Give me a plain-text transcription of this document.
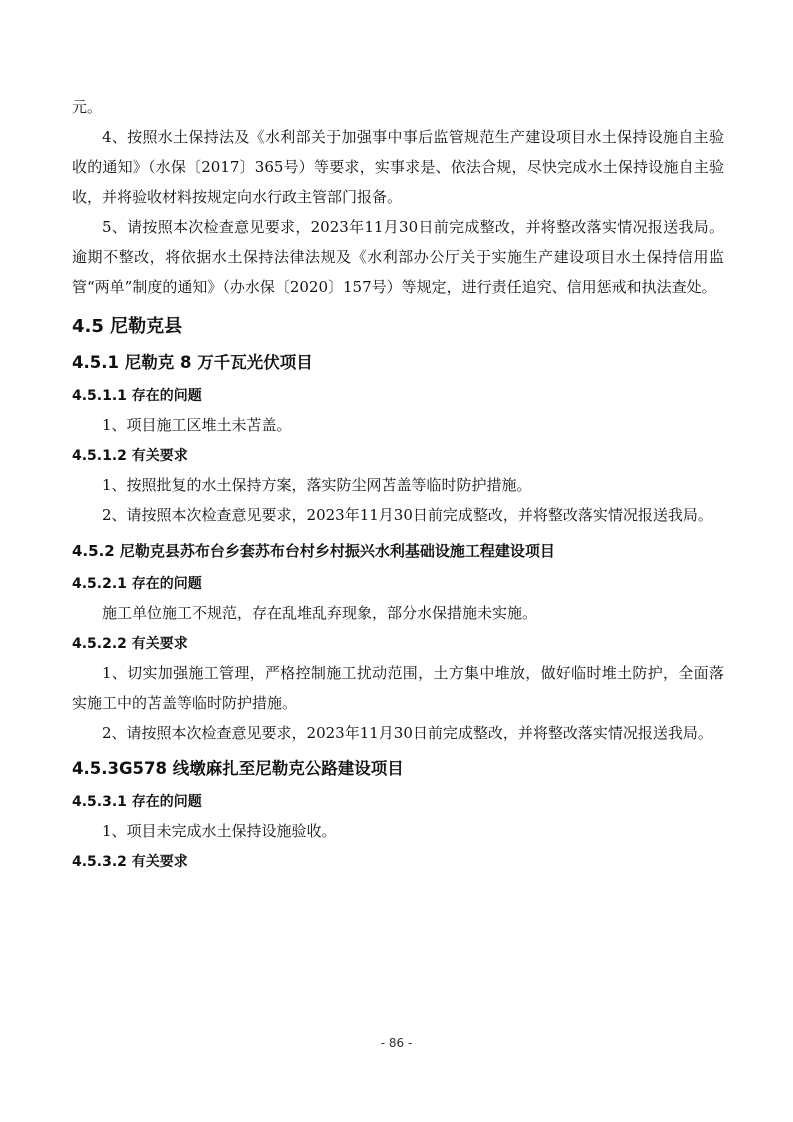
元。

4、按照水土保持法及《水利部关于加强事中事后监管规范生产建设项目水土保持设施自主验收的通知》（水保〔2017〕365号）等要求，实事求是、依法合规，尽快完成水土保持设施自主验收，并将验收材料按规定向水行政主管部门报备。

5、请按照本次检查意见要求，2023年11月30日前完成整改，并将整改落实情况报送我局。逾期不整改，将依据水土保持法律法规及《水利部办公厅关于实施生产建设项目水土保持信用监管“两单”制度的通知》（办水保〔2020〕157号）等规定，进行责任追究、信用惩戒和执法查处。

4.5 尼勒克县
4.5.1 尼勒克 8 万千瓦光伏项目
4.5.1.1 存在的问题

1、项目施工区堆土未苫盖。

4.5.1.2 有关要求

1、按照批复的水土保持方案，落实防尘网苫盖等临时防护措施。

2、请按照本次检查意见要求，2023年11月30日前完成整改，并将整改落实情况报送我局。

4.5.2 尼勒克县苏布台乡套苏布台村乡村振兴水利基础设施工程建设项目
4.5.2.1 存在的问题

施工单位施工不规范，存在乱堆乱弃现象，部分水保措施未实施。

4.5.2.2 有关要求

1、切实加强施工管理，严格控制施工扰动范围，土方集中堆放，做好临时堆土防护，全面落实施工中的苫盖等临时防护措施。

2、请按照本次检查意见要求，2023年11月30日前完成整改，并将整改落实情况报送我局。

4.5.3G578 线墩麻扎至尼勒克公路建设项目
4.5.3.1 存在的问题

1、项目未完成水土保持设施验收。

4.5.3.2 有关要求
- 86 -
